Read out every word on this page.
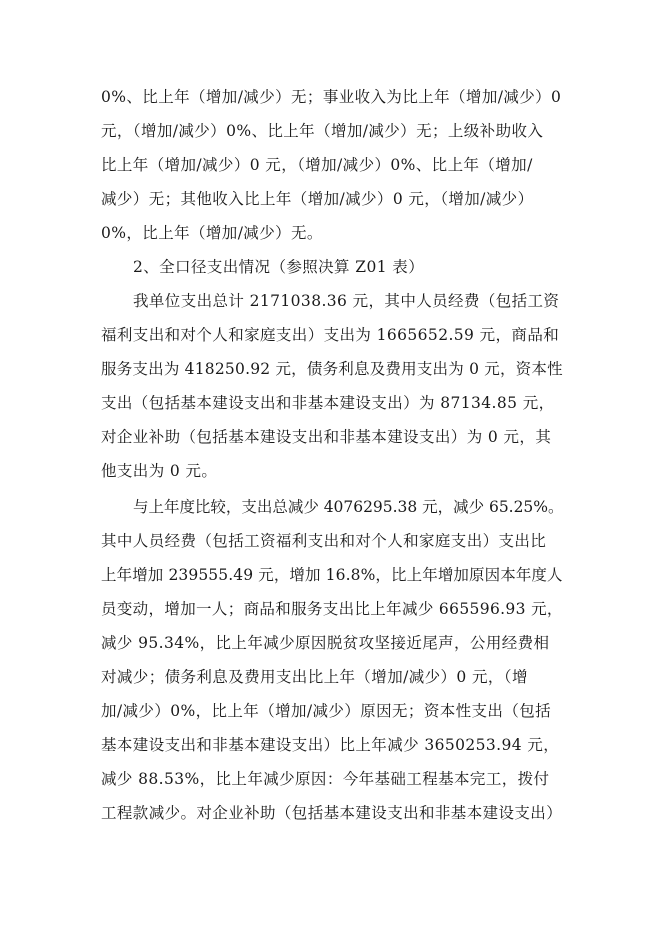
0%、比上年（增加/减少）无；事业收入为比上年（增加/减少）0
元，（增加/减少）0%、比上年（增加/减少）无；上级补助收入
比上年（增加/减少）0 元，（增加/减少）0%、比上年（增加/
减少）无；其他收入比上年（增加/减少）0 元，（增加/减少）
0%，比上年（增加/减少）无。
2、全口径支出情况（参照决算 Z01 表）
我单位支出总计 2171038.36 元，其中人员经费（包括工资
福利支出和对个人和家庭支出）支出为 1665652.59 元，商品和
服务支出为 418250.92 元，债务利息及费用支出为 0 元，资本性
支出（包括基本建设支出和非基本建设支出）为 87134.85 元，
对企业补助（包括基本建设支出和非基本建设支出）为 0 元，其
他支出为 0 元。
与上年度比较，支出总减少 4076295.38 元，减少 65.25%。
其中人员经费（包括工资福利支出和对个人和家庭支出）支出比
上年增加 239555.49 元，增加 16.8%，比上年增加原因本年度人
员变动，增加一人；商品和服务支出比上年减少 665596.93 元，
减少 95.34%，比上年减少原因脱贫攻坚接近尾声，公用经费相
对减少；债务利息及费用支出比上年（增加/减少）0 元，（增
加/减少）0%，比上年（增加/减少）原因无；资本性支出（包括
基本建设支出和非基本建设支出）比上年减少 3650253.94 元，
减少 88.53%，比上年减少原因：今年基础工程基本完工，拨付
工程款减少。对企业补助（包括基本建设支出和非基本建设支出）
